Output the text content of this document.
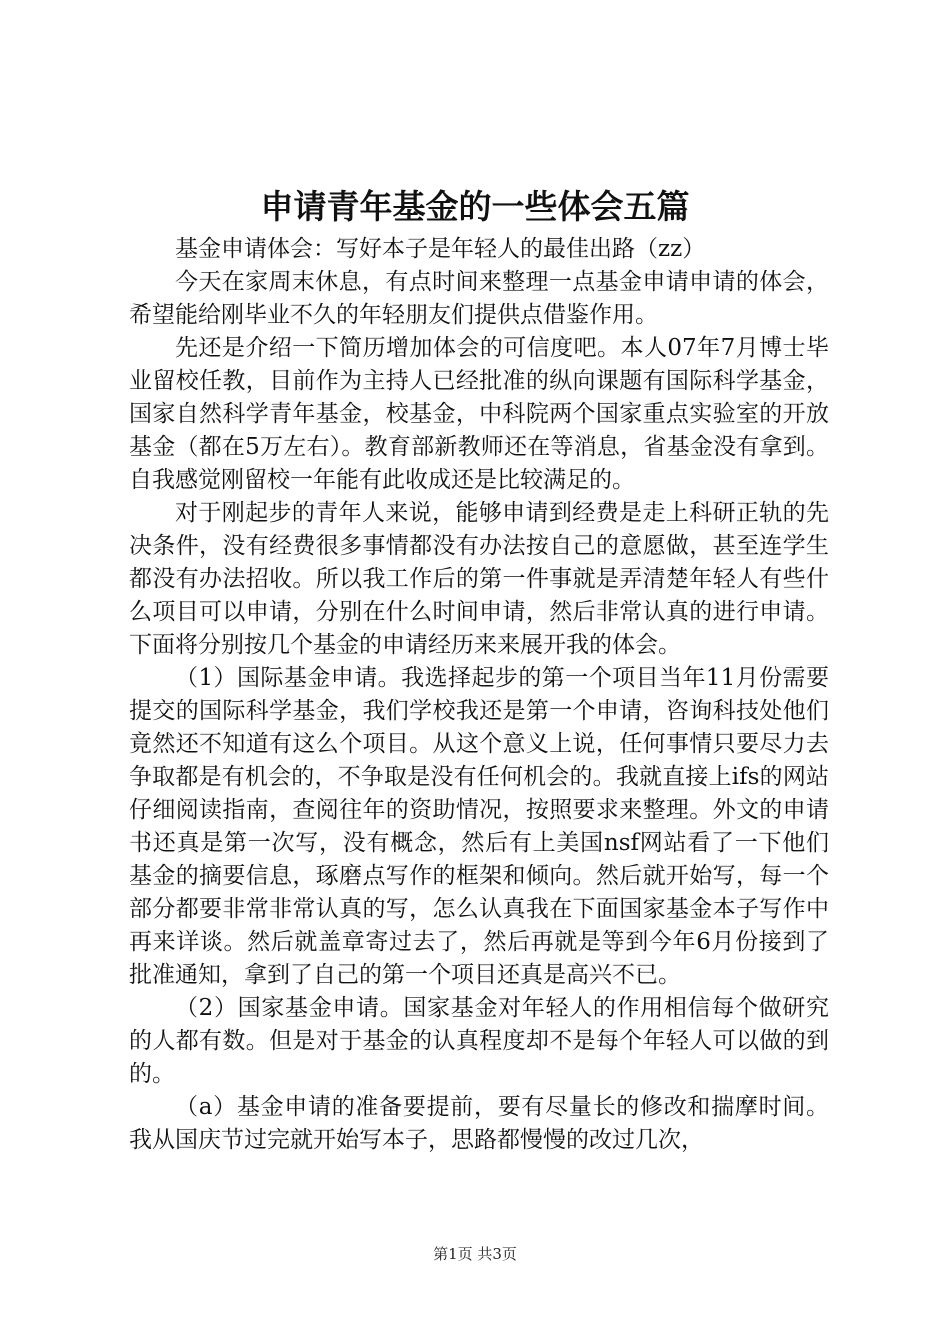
申请青年基金的一些体会五篇

基金申请体会：写好本子是年轻人的最佳出路（zz）

今天在家周末休息，有点时间来整理一点基金申请申请的体会，希望能给刚毕业不久的年轻朋友们提供点借鉴作用。

先还是介绍一下简历增加体会的可信度吧。本人07年7月博士毕业留校任教，目前作为主持人已经批准的纵向课题有国际科学基金，国家自然科学青年基金，校基金，中科院两个国家重点实验室的开放基金（都在5万左右）。教育部新教师还在等消息，省基金没有拿到。自我感觉刚留校一年能有此收成还是比较满足的。

对于刚起步的青年人来说，能够申请到经费是走上科研正轨的先决条件，没有经费很多事情都没有办法按自己的意愿做，甚至连学生都没有办法招收。所以我工作后的第一件事就是弄清楚年轻人有些什么项目可以申请，分别在什么时间申请，然后非常认真的进行申请。下面将分别按几个基金的申请经历来来展开我的体会。

（1）国际基金申请。我选择起步的第一个项目当年11月份需要提交的国际科学基金，我们学校我还是第一个申请，咨询科技处他们竟然还不知道有这么个项目。从这个意义上说，任何事情只要尽力去争取都是有机会的，不争取是没有任何机会的。我就直接上ifs的网站仔细阅读指南，查阅往年的资助情况，按照要求来整理。外文的申请书还真是第一次写，没有概念，然后有上美国nsf网站看了一下他们基金的摘要信息，琢磨点写作的框架和倾向。然后就开始写，每一个部分都要非常非常认真的写，怎么认真我在下面国家基金本子写作中再来详谈。然后就盖章寄过去了，然后再就是等到今年6月份接到了批准通知，拿到了自己的第一个项目还真是高兴不已。

（2）国家基金申请。国家基金对年轻人的作用相信每个做研究的人都有数。但是对于基金的认真程度却不是每个年轻人可以做的到的。

（a）基金申请的准备要提前，要有尽量长的修改和揣摩时间。我从国庆节过完就开始写本子，思路都慢慢的改过几次，

第1页 共3页
